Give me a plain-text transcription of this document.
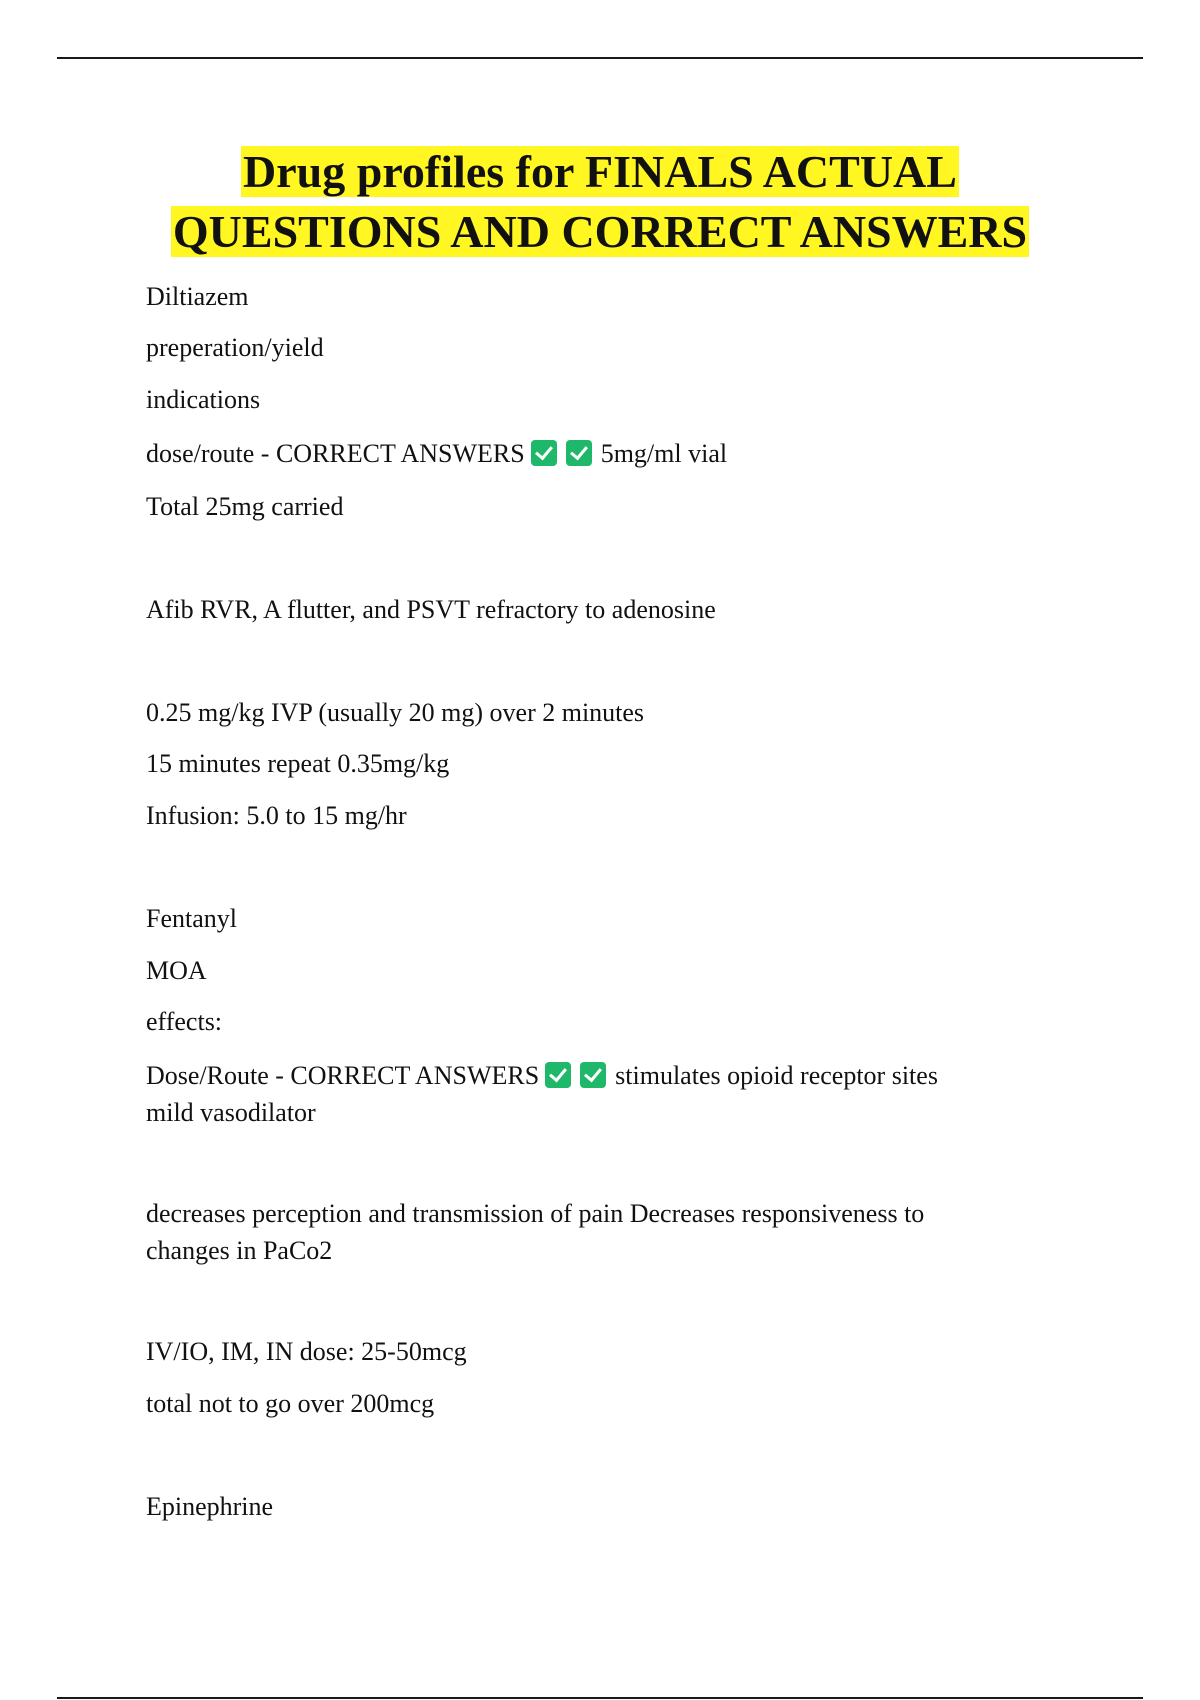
Drug profiles for FINALS ACTUAL
QUESTIONS AND CORRECT ANSWERS

Diltiazem

preperation/yield

indications

dose/route - CORRECT ANSWERS	5mg/ml vial

Total 25mg carried

Afib RVR, A flutter, and PSVT refractory to adenosine

0.25 mg/kg IVP (usually 20 mg) over 2 minutes

15 minutes repeat 0.35mg/kg

Infusion: 5.0 to 15 mg/hr

Fentanyl

MOA

effects:

Dose/Route - CORRECT ANSWERS	stimulates opioid receptor sites

mild vasodilator

decreases perception and transmission of pain Decreases responsiveness to

changes in PaCo2

IV/IO, IM, IN dose: 25-50mcg

total not to go over 200mcg

Epinephrine
